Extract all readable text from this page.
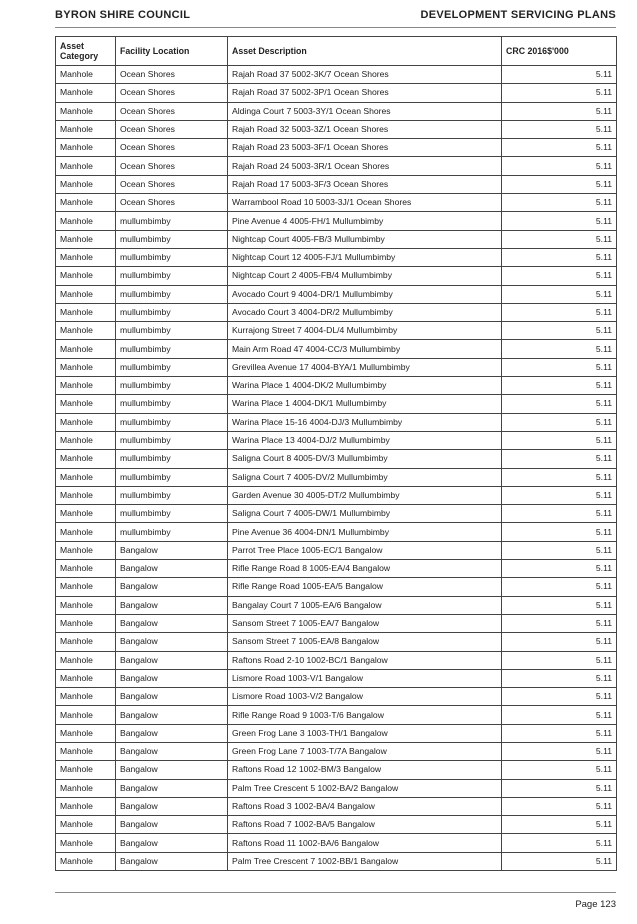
BYRON SHIRE COUNCIL	DEVELOPMENT SERVICING PLANS
Asset Category	Facility Location	Asset Description	CRC 2016$'000
Manhole	Ocean Shores	Rajah Road 37 5002-3K/7 Ocean Shores	5.11
Manhole	Ocean Shores	Rajah Road 37 5002-3P/1 Ocean Shores	5.11
Manhole	Ocean Shores	Aldinga Court 7 5003-3Y/1 Ocean Shores	5.11
Manhole	Ocean Shores	Rajah Road 32 5003-3Z/1 Ocean Shores	5.11
Manhole	Ocean Shores	Rajah Road 23 5003-3F/1 Ocean Shores	5.11
Manhole	Ocean Shores	Rajah Road 24 5003-3R/1 Ocean Shores	5.11
Manhole	Ocean Shores	Rajah Road 17 5003-3F/3 Ocean Shores	5.11
Manhole	Ocean Shores	Warrambool Road 10 5003-3J/1 Ocean Shores	5.11
Manhole	mullumbimby	Pine Avenue 4 4005-FH/1 Mullumbimby	5.11
Manhole	mullumbimby	Nightcap Court 4005-FB/3 Mullumbimby	5.11
Manhole	mullumbimby	Nightcap Court 12 4005-FJ/1 Mullumbimby	5.11
Manhole	mullumbimby	Nightcap Court 2 4005-FB/4 Mullumbimby	5.11
Manhole	mullumbimby	Avocado Court 9 4004-DR/1 Mullumbimby	5.11
Manhole	mullumbimby	Avocado Court 3 4004-DR/2 Mullumbimby	5.11
Manhole	mullumbimby	Kurrajong Street 7 4004-DL/4 Mullumbimby	5.11
Manhole	mullumbimby	Main Arm Road 47 4004-CC/3 Mullumbimby	5.11
Manhole	mullumbimby	Grevillea Avenue 17 4004-BYA/1 Mullumbimby	5.11
Manhole	mullumbimby	Warina Place 1 4004-DK/2 Mullumbimby	5.11
Manhole	mullumbimby	Warina Place 1 4004-DK/1 Mullumbimby	5.11
Manhole	mullumbimby	Warina Place 15-16 4004-DJ/3 Mullumbimby	5.11
Manhole	mullumbimby	Warina Place 13 4004-DJ/2 Mullumbimby	5.11
Manhole	mullumbimby	Saligna Court 8 4005-DV/3 Mullumbimby	5.11
Manhole	mullumbimby	Saligna Court 7 4005-DV/2 Mullumbimby	5.11
Manhole	mullumbimby	Garden Avenue 30 4005-DT/2 Mullumbimby	5.11
Manhole	mullumbimby	Saligna Court 7 4005-DW/1 Mullumbimby	5.11
Manhole	mullumbimby	Pine Avenue 36 4004-DN/1 Mullumbimby	5.11
Manhole	Bangalow	Parrot Tree Place 1005-EC/1 Bangalow	5.11
Manhole	Bangalow	Rifle Range Road 8 1005-EA/4 Bangalow	5.11
Manhole	Bangalow	Rifle Range Road 1005-EA/5 Bangalow	5.11
Manhole	Bangalow	Bangalay Court 7 1005-EA/6 Bangalow	5.11
Manhole	Bangalow	Sansom Street 7 1005-EA/7 Bangalow	5.11
Manhole	Bangalow	Sansom Street 7 1005-EA/8 Bangalow	5.11
Manhole	Bangalow	Raftons Road 2-10 1002-BC/1 Bangalow	5.11
Manhole	Bangalow	Lismore Road 1003-V/1 Bangalow	5.11
Manhole	Bangalow	Lismore Road 1003-V/2 Bangalow	5.11
Manhole	Bangalow	Rifle Range Road 9 1003-T/6 Bangalow	5.11
Manhole	Bangalow	Green Frog Lane 3 1003-TH/1 Bangalow	5.11
Manhole	Bangalow	Green Frog Lane 7 1003-T/7A Bangalow	5.11
Manhole	Bangalow	Raftons Road 12 1002-BM/3 Bangalow	5.11
Manhole	Bangalow	Palm Tree Crescent 5 1002-BA/2 Bangalow	5.11
Manhole	Bangalow	Raftons Road 3 1002-BA/4 Bangalow	5.11
Manhole	Bangalow	Raftons Road 7 1002-BA/5 Bangalow	5.11
Manhole	Bangalow	Raftons Road 11 1002-BA/6 Bangalow	5.11
Manhole	Bangalow	Palm Tree Crescent 7 1002-BB/1 Bangalow	5.11
Page 123
